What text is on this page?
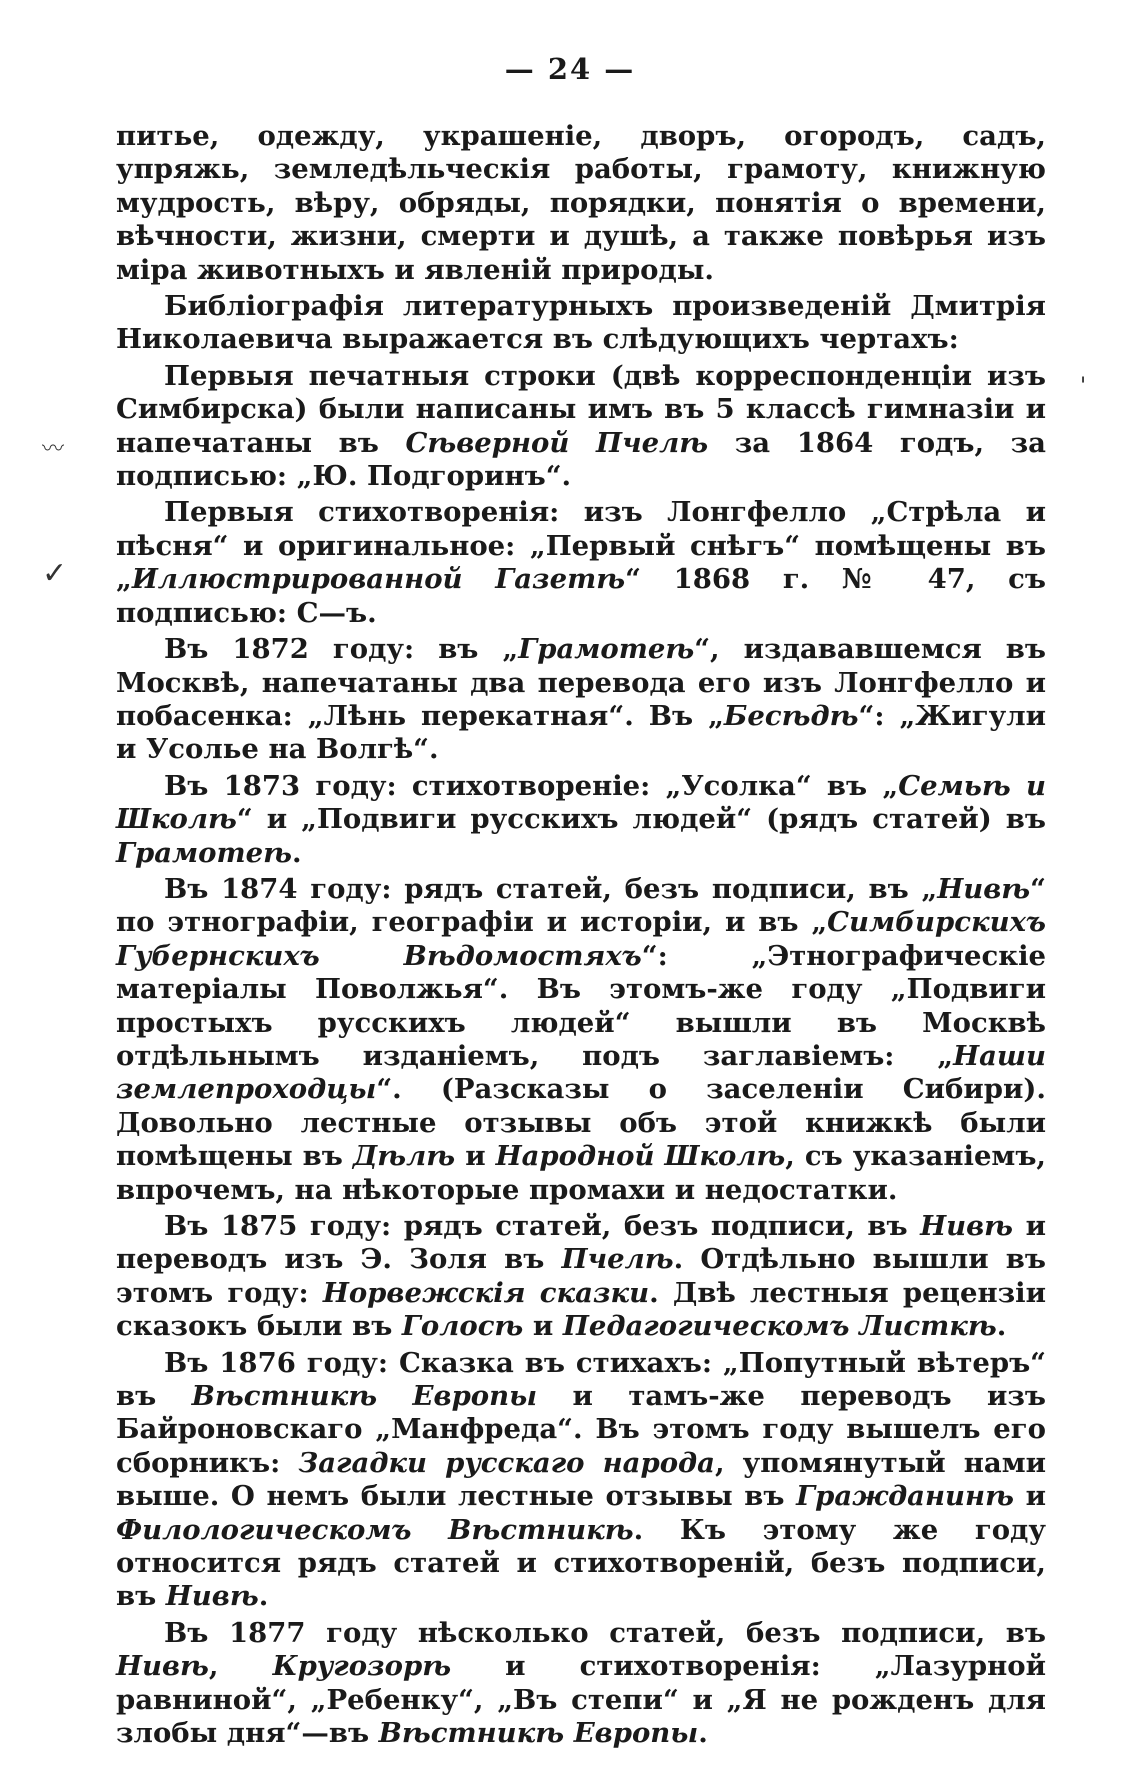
— 24 —
〰
✓
'

питье, одежду, украшеніе, дворъ, огородъ, садъ, упряжь, земледѣльческія работы, грамоту, книжную мудрость, вѣру, обряды, порядки, понятія о времени, вѣчности, жизни, смерти и душѣ, а также повѣрья изъ міра животныхъ и явленій природы.

Библіографія литературныхъ произведеній Дмитрія Николаевича выражается въ слѣдующихъ чертахъ:

Первыя печатныя строки (двѣ корреспонденціи изъ Симбирска) были написаны имъ въ 5 классѣ гимназіи и напечатаны въ Сѣверной Пчелѣ за 1864 годъ, за подписью: „Ю. Подгоринъ“.

Первыя стихотворенія: изъ Лонгфелло „Стрѣла и пѣсня“ и оригинальное: „Первый снѣгъ“ помѣщены въ „Иллюстрированной Газетѣ“ 1868 г. № 47, съ подписью: С—ъ.

Въ 1872 году: въ „Грамотеѣ“, издававшемся въ Москвѣ, напечатаны два перевода его изъ Лонгфелло и побасенка: „Лѣнь перекатная“. Въ „Бесѣдѣ“: „Жигули и Усолье на Волгѣ“.

Въ 1873 году: стихотвореніе: „Усолка“ въ „Семьѣ и Школѣ“ и „Подвиги русскихъ людей“ (рядъ статей) въ Грамотеѣ.

Въ 1874 году: рядъ статей, безъ подписи, въ „Нивѣ“ по этнографіи, географіи и исторіи, и въ „Симбирскихъ Губернскихъ Вѣдомостяхъ“: „Этнографическіе матеріалы Поволжья“. Въ этомъ-же году „Подвиги простыхъ русскихъ людей“ вышли въ Москвѣ отдѣльнымъ изданіемъ, подъ заглавіемъ: „Наши землепроходцы“. (Разсказы о заселеніи Сибири). Довольно лестные отзывы объ этой книжкѣ были помѣщены въ Дѣлѣ и Народной Школѣ, съ указаніемъ, впрочемъ, на нѣкоторые промахи и недостатки.

Въ 1875 году: рядъ статей, безъ подписи, въ Нивѣ и переводъ изъ Э. Золя въ Пчелѣ. Отдѣльно вышли въ этомъ году: Норвежскія сказки. Двѣ лестныя рецензіи сказокъ были въ Голосѣ и Педагогическомъ Листкѣ.

Въ 1876 году: Сказка въ стихахъ: „Попутный вѣтеръ“ въ Вѣстникѣ Европы и тамъ-же переводъ изъ Байроновскаго „Манфреда“. Въ этомъ году вышелъ его сборникъ: Загадки русскаго народа, упомянутый нами выше. О немъ были лестные отзывы въ Гражданинѣ и Филологическомъ Вѣстникѣ. Къ этому же году относится рядъ статей и стихотвореній, безъ подписи, въ Нивѣ.

Въ 1877 году нѣсколько статей, безъ подписи, въ Нивѣ, Кругозорѣ и стихотворенія: „Лазурной равниной“, „Ребенку“, „Въ степи“ и „Я не рожденъ для злобы дня“—въ Вѣстникѣ Европы.
